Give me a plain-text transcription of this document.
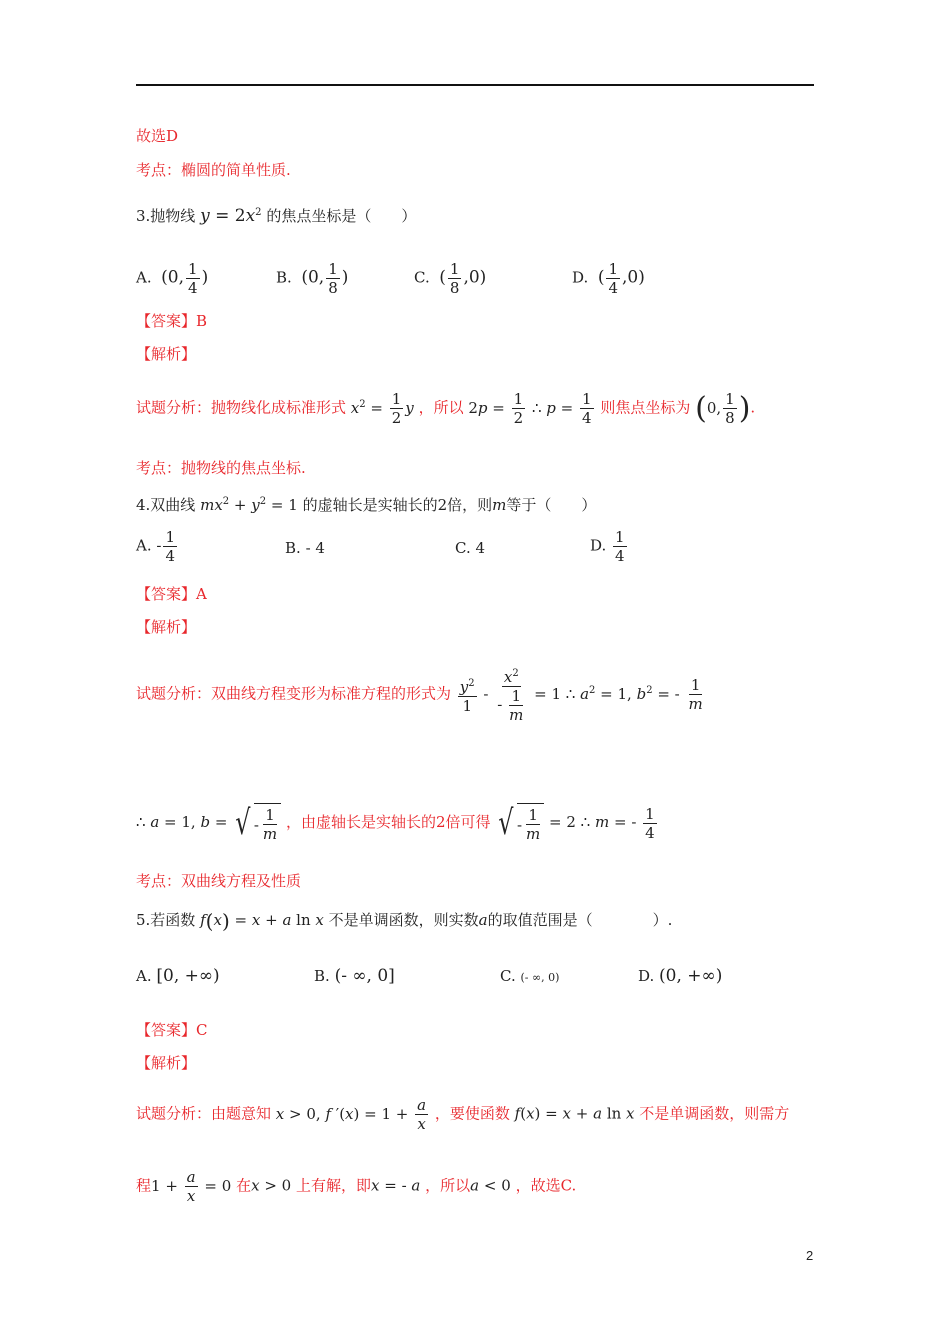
故选D
考点：椭圆的简单性质.
3.抛物线 $y = 2x^2$ 的焦点坐标是（　　）
A. (0, $\frac{1}{4}$ )	B. (0, $\frac{1}{8}$ )	C. ( $\frac{1}{8} ,0$)	D. ( $\frac{1}{4} ,0$)
【答案】B
【解析】
试题分析：抛物线化成标准形式 $x^2 = \frac{1}{2}$ y ，所以 $2p = \frac{1}{2}$ ∴ $p = \frac{1}{4}$ 则焦点坐标为 (0, $\frac{1}{8}$ ).
考点：抛物线的焦点坐标.
4.双曲线 $mx^2 + y^2 = 1$ 的虚轴长是实轴长的2倍，则m等于（　　）
A. - $\frac{1}{4}$	B. - 4	C. 4	D. $\frac{1}{4}$
【答案】A
【解析】
试题分析：双曲线方程变形为标准方程的形式为 $\frac{y^2}{1} - \frac{x^2}{- \frac{1}{m}} = 1$ ∴ $a^2 = 1$, $b^2$ = - $\frac{1}{m}$
∴ a = 1, b = √ - $\frac{1}{m}$ ，由虚轴长是实轴长的2倍可得 √ - $\frac{1}{m} = 2$ ∴ m = - $\frac{1}{4}$
考点：双曲线方程及性质
5.若函数 f(x) = x + a ln x 不是单调函数，则实数a的取值范围是（　　　　）.
A. [0, +∞)	B. (- ∞, 0]	C. (- ∞, 0)	D. (0, +∞)
【答案】C
【解析】
试题分析：由题意知 x > 0, f $'(x) = 1 + \frac{a}{x}$ ，要使函数 f(x) = x + a ln x 不是单调函数，则需方
程$1 + \frac{a}{x} = 0$ 在x > 0 上有解，即x = - a ，所以a < 0 ，故选C.
2
